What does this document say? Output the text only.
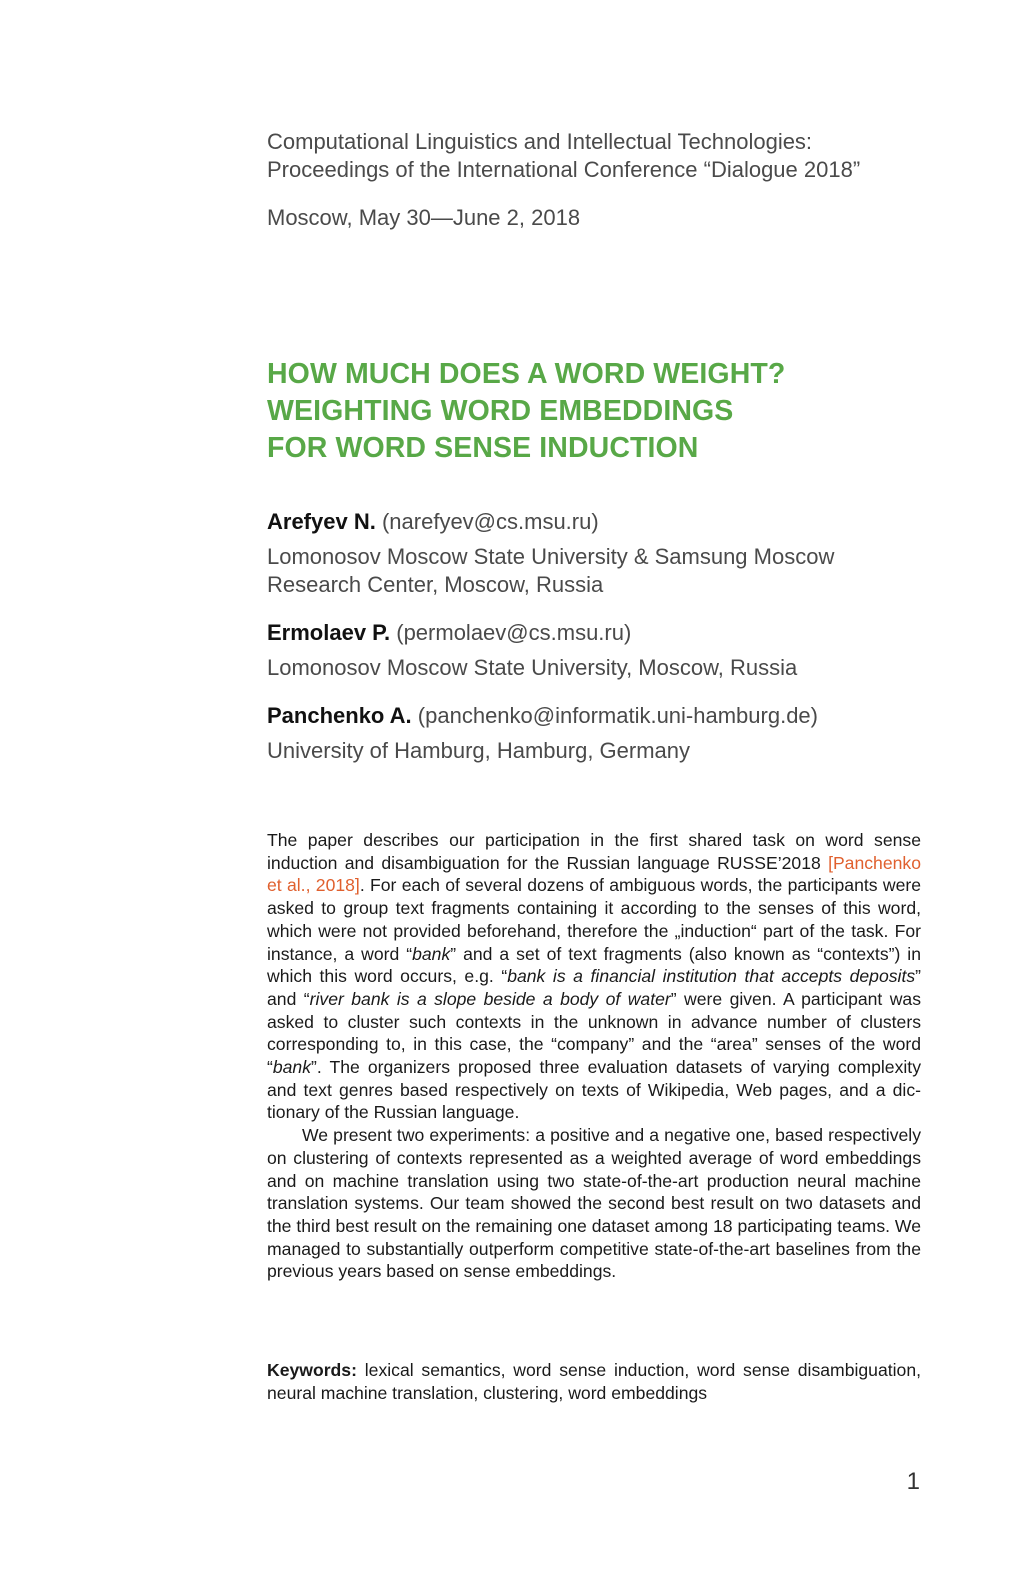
Computational Linguistics and Intellectual Technologies:
Proceedings of the International Conference “Dialogue 2018”
Moscow, May 30—June 2, 2018
HOW MUCH DOES A WORD WEIGHT?
WEIGHTING WORD EMBEDDINGS
FOR WORD SENSE INDUCTION
Arefyev N. (narefyev@cs.msu.ru)
Lomonosov Moscow State University & Samsung Moscow
Research Center, Moscow, Russia
Ermolaev P. (permolaev@cs.msu.ru)
Lomonosov Moscow State University, Moscow, Russia
Panchenko A. (panchenko@informatik.uni-hamburg.de)
University of Hamburg, Hamburg, Germany

The paper describes our participation in the first shared task on word sense induction and disambiguation for the Russian language RUSSE’2018 [Panchenko et al., 2018]. For each of several dozens of ambiguous words, the participants were asked to group text fragments containing it according to the senses of this word, which were not provided beforehand, therefore the „induction“ part of the task. For instance, a word “bank” and a set of text fragments (also known as “contexts”) in which this word occurs, e.g. “bank is a financial institution that accepts deposits” and “river bank is a slope beside a body of water” were given. A participant was asked to cluster such contexts in the unknown in advance number of clusters corresponding to, in this case, the “company” and the “area” senses of the word “bank”. The organizers proposed three evaluation datasets of varying complexity and text genres based respectively on texts of Wikipedia, Web pages, and a dictionary of the Russian language.

We present two experiments: a positive and a negative one, based respectively on clustering of contexts represented as a weighted average of word embeddings and on machine translation using two state-of-the-art production neural machine translation systems. Our team showed the second best result on two datasets and the third best result on the remaining one dataset among 18 participating teams. We managed to substantially outperform competitive state-of-the-art baselines from the previous years based on sense embeddings.

Keywords: lexical semantics, word sense induction, word sense disambiguation, neural machine translation, clustering, word embeddings
1
